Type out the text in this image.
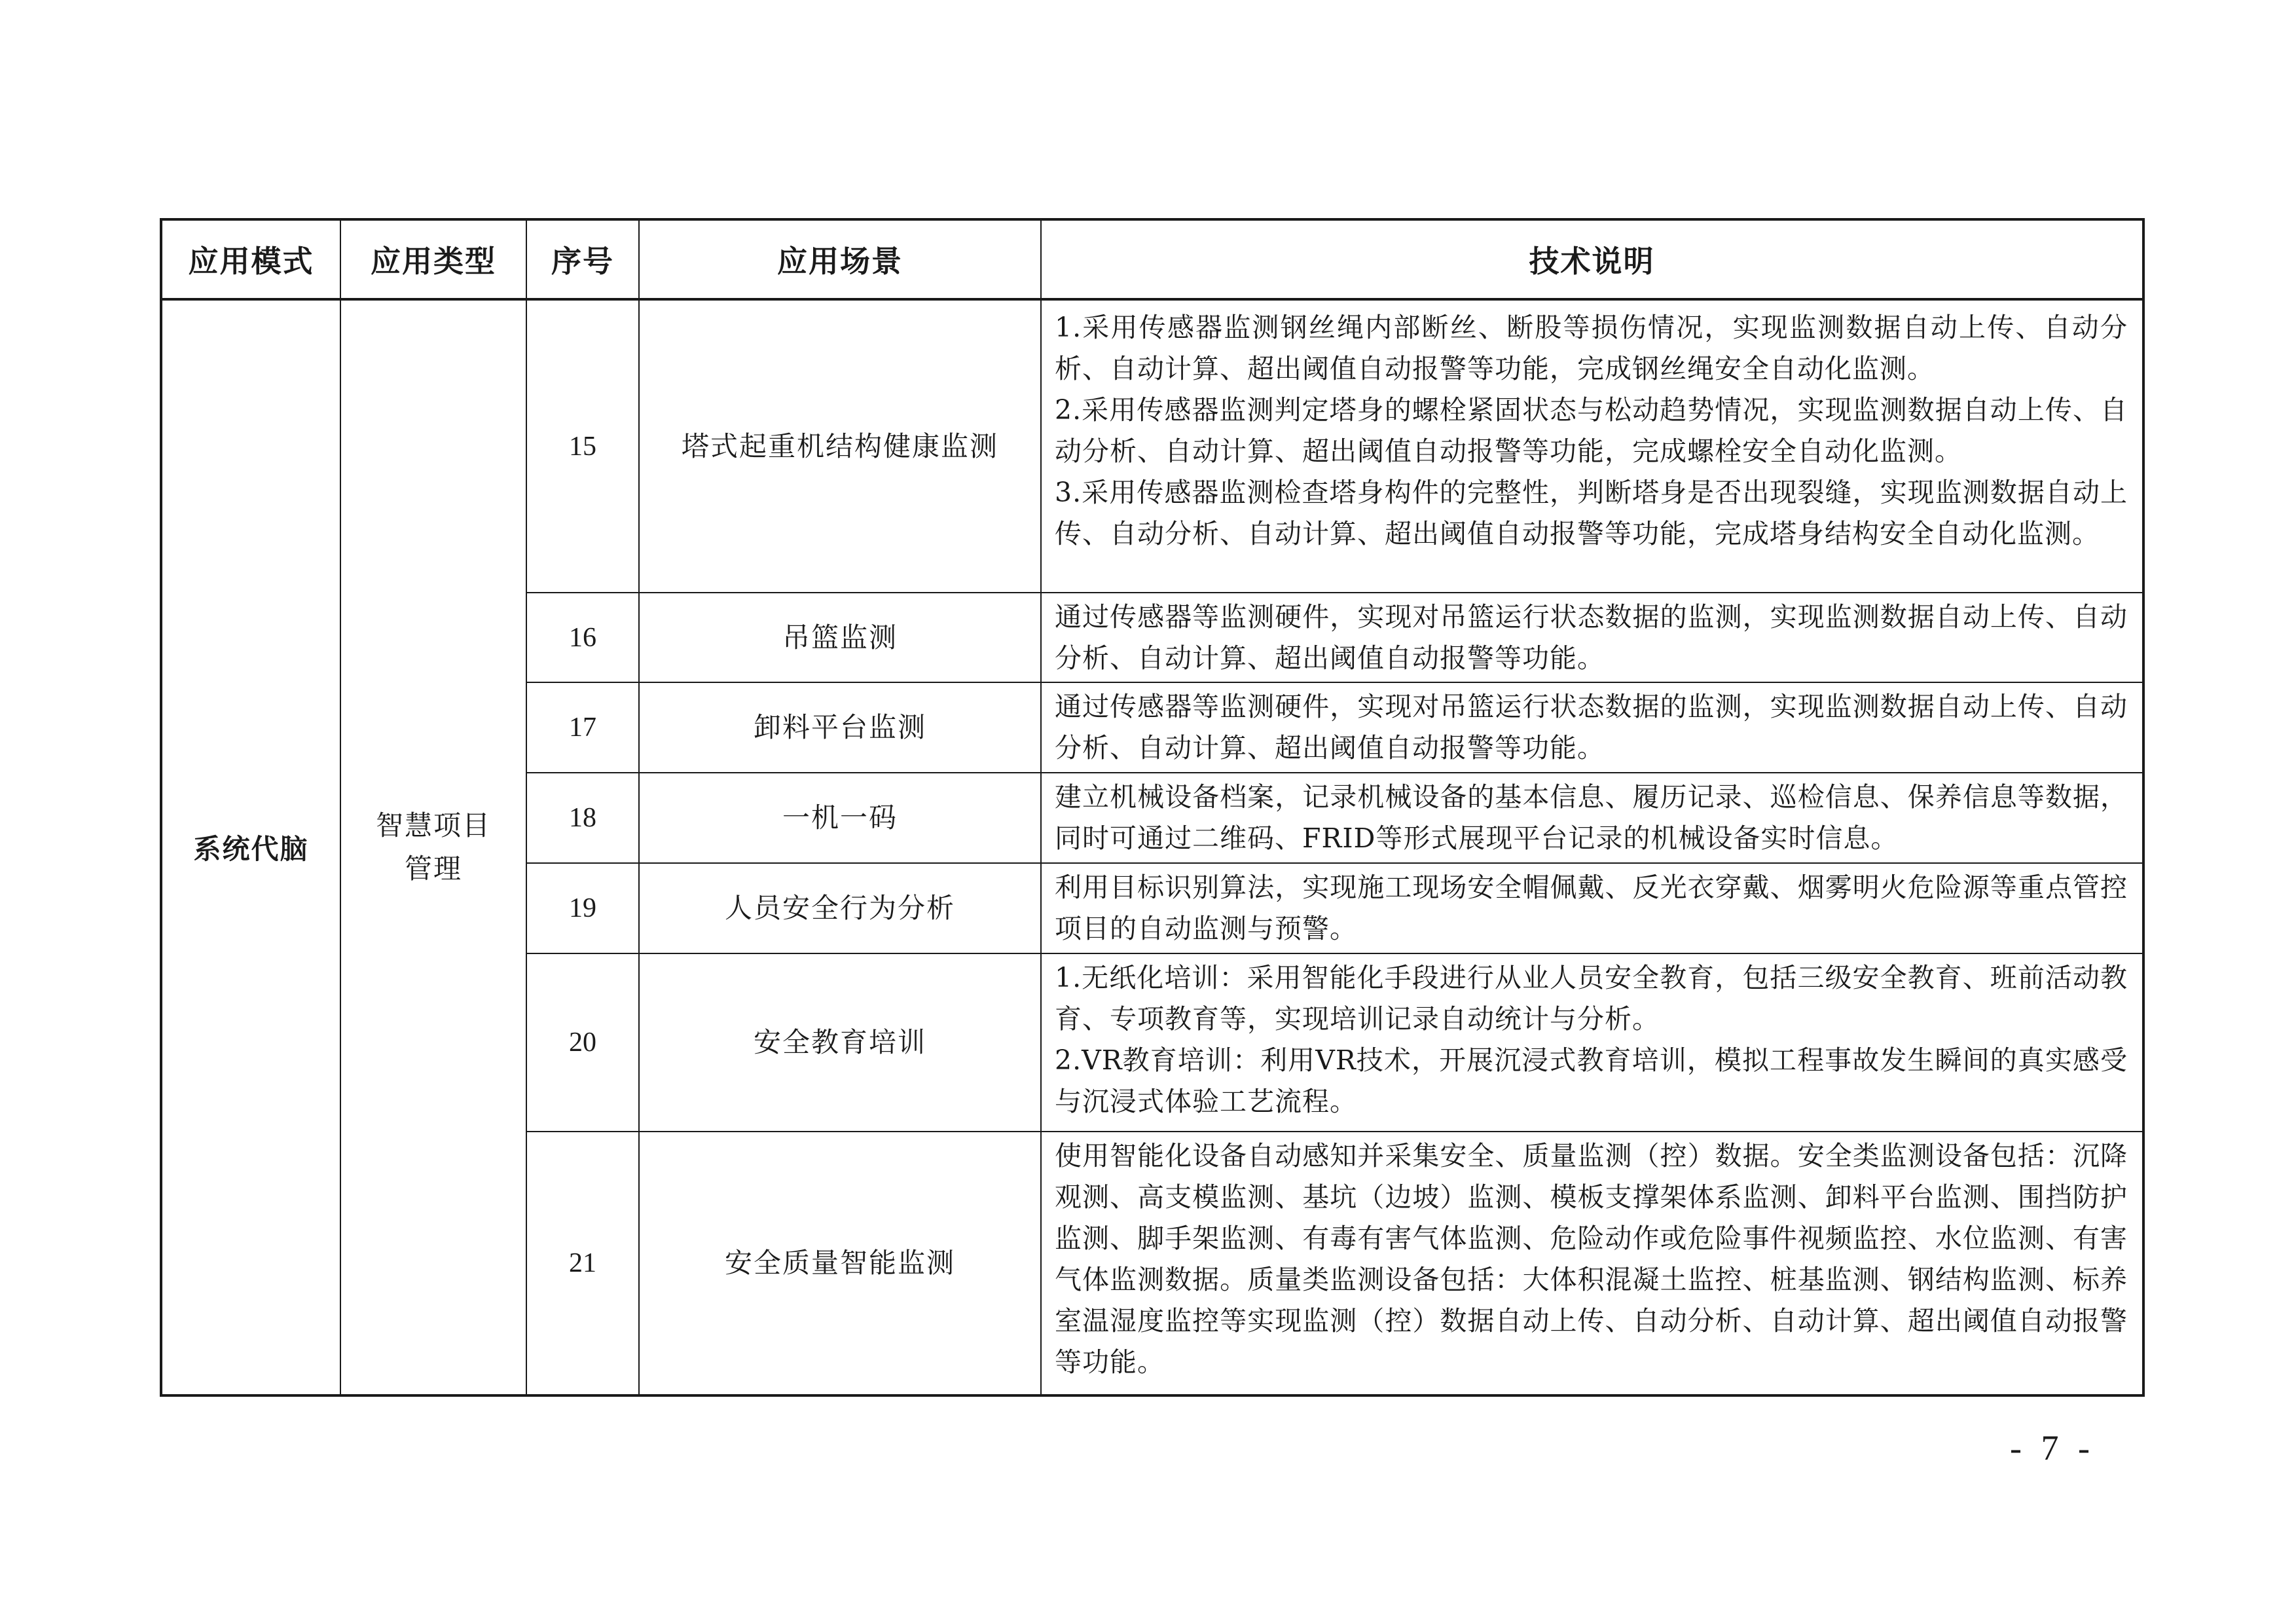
应用模式	应用类型	序号	应用场景	技术说明
系统代脑	智慧项目管理	15	塔式起重机结构健康监测	1.采用传感器监测钢丝绳内部断丝、断股等损伤情况，实现监测数据自动上传、自动分析、自动计算、超出阈值自动报警等功能，完成钢丝绳安全自动化监测。
2.采用传感器监测判定塔身的螺栓紧固状态与松动趋势情况，实现监测数据自动上传、自动分析、自动计算、超出阈值自动报警等功能，完成螺栓安全自动化监测。
3.采用传感器监测检查塔身构件的完整性，判断塔身是否出现裂缝，实现监测数据自动上传、自动分析、自动计算、超出阈值自动报警等功能，完成塔身结构安全自动化监测。

		16	吊篮监测	通过传感器等监测硬件，实现对吊篮运行状态数据的监测，实现监测数据自动上传、自动分析、自动计算、超出阈值自动报警等功能。

		17	卸料平台监测	通过传感器等监测硬件，实现对吊篮运行状态数据的监测，实现监测数据自动上传、自动分析、自动计算、超出阈值自动报警等功能。

		18	一机一码	建立机械设备档案，记录机械设备的基本信息、履历记录、巡检信息、保养信息等数据，同时可通过二维码、FRID等形式展现平台记录的机械设备实时信息。

		19	人员安全行为分析	利用目标识别算法，实现施工现场安全帽佩戴、反光衣穿戴、烟雾明火危险源等重点管控项目的自动监测与预警。

		20	安全教育培训	1.无纸化培训：采用智能化手段进行从业人员安全教育，包括三级安全教育、班前活动教育、专项教育等，实现培训记录自动统计与分析。
2.VR教育培训：利用VR技术，开展沉浸式教育培训，模拟工程事故发生瞬间的真实感受与沉浸式体验工艺流程。

		21	安全质量智能监测	使用智能化设备自动感知并采集安全、质量监测（控）数据。安全类监测设备包括：沉降观测、高支模监测、基坑（边坡）监测、模板支撑架体系监测、卸料平台监测、围挡防护监测、脚手架监测、有毒有害气体监测、危险动作或危险事件视频监控、水位监测、有害气体监测数据。质量类监测设备包括：大体积混凝土监控、桩基监测、钢结构监测、标养室温湿度监控等实现监测（控）数据自动上传、自动分析、自动计算、超出阈值自动报警等功能。
- 7 -
